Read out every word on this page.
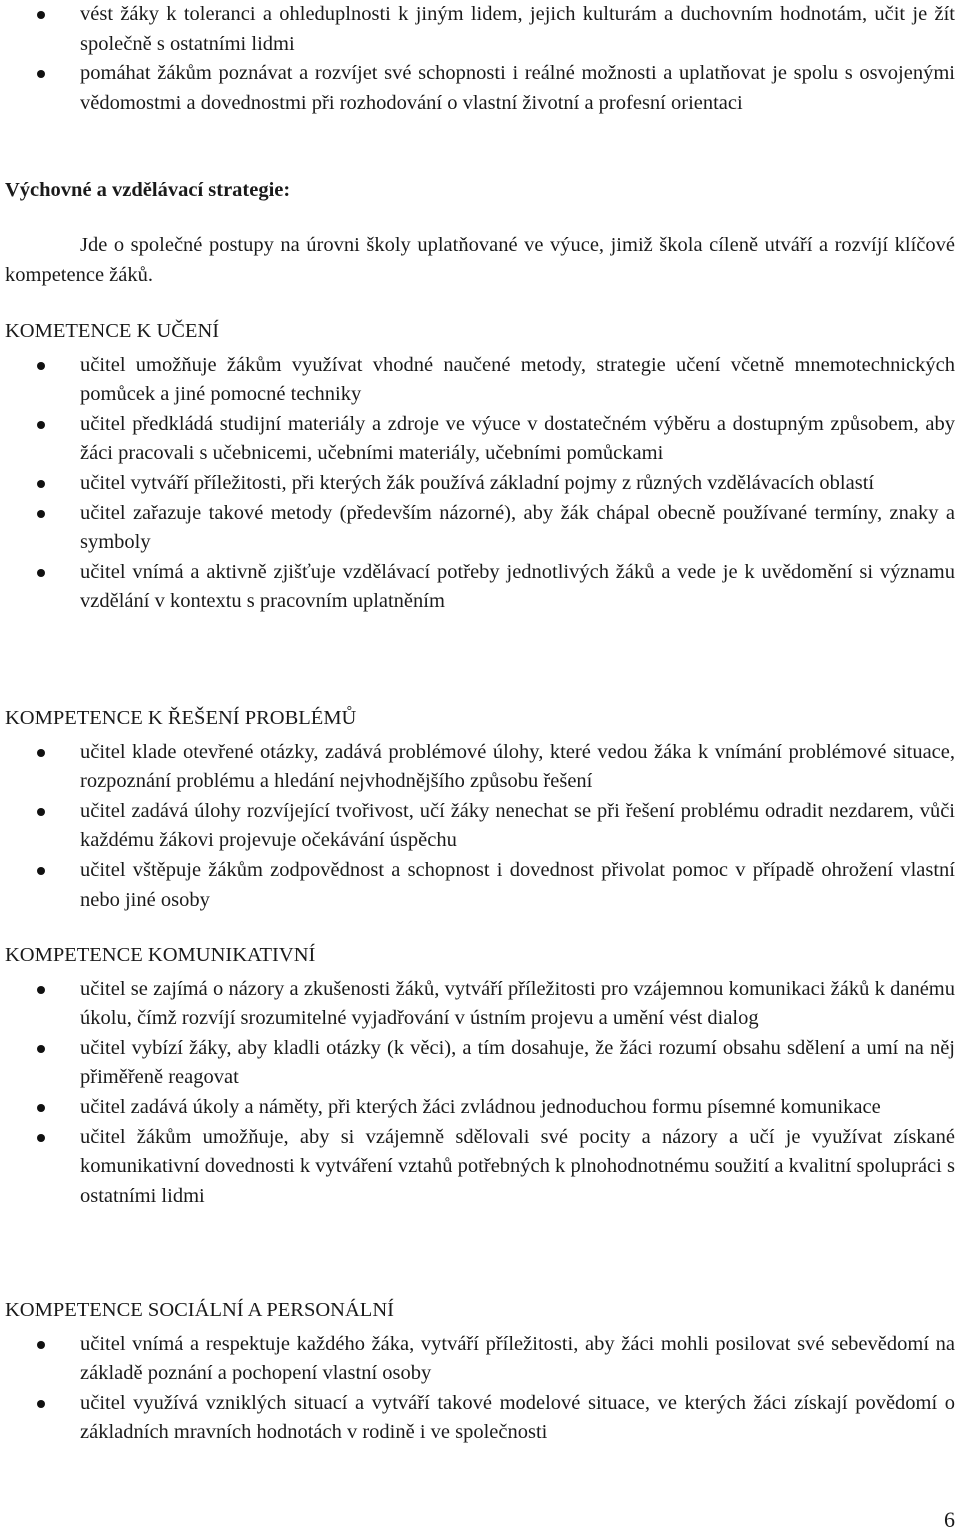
vést žáky k toleranci a ohleduplnosti k jiným lidem, jejich kulturám a duchovním hodnotám, učit je žít společně s ostatními lidmi
pomáhat žákům poznávat a rozvíjet své schopnosti i reálné možnosti a uplatňovat je spolu s osvojenými vědomostmi a dovednostmi při rozhodování o vlastní životní a profesní orientaci

Výchovné a vzdělávací strategie:

Jde o společné postupy na úrovni školy uplatňované ve výuce, jimiž škola cíleně utváří a rozvíjí klíčové kompetence žáků.

KOMETENCE K UČENÍ

učitel umožňuje žákům využívat vhodné naučené metody, strategie učení včetně mnemotechnických pomůcek a jiné pomocné techniky
učitel předkládá studijní materiály a zdroje ve výuce v dostatečném výběru a dostupným způsobem, aby žáci pracovali s učebnicemi, učebními materiály, učebními pomůckami
učitel vytváří příležitosti, při kterých žák používá základní pojmy z různých vzdělávacích oblastí
učitel zařazuje takové metody (především názorné), aby žák chápal obecně používané termíny, znaky a symboly
učitel vnímá a aktivně zjišťuje vzdělávací potřeby jednotlivých žáků a vede je k uvědomění si významu vzdělání v kontextu s pracovním uplatněním

KOMPETENCE K ŘEŠENÍ PROBLÉMŮ

učitel klade otevřené otázky, zadává problémové úlohy, které vedou žáka k vnímání problémové situace, rozpoznání problému a hledání nejvhodnějšího způsobu řešení
učitel zadává úlohy rozvíjející tvořivost, učí žáky nenechat se při řešení problému odradit nezdarem, vůči každému žákovi projevuje očekávání úspěchu
učitel vštěpuje žákům zodpovědnost a schopnost i dovednost přivolat pomoc v případě ohrožení vlastní nebo jiné osoby

KOMPETENCE KOMUNIKATIVNÍ

učitel se zajímá o názory a zkušenosti žáků, vytváří příležitosti pro vzájemnou komunikaci žáků k danému úkolu, čímž rozvíjí srozumitelné vyjadřování v ústním projevu a umění vést dialog
učitel vybízí žáky, aby kladli otázky (k věci), a tím dosahuje, že žáci rozumí obsahu sdělení a umí na něj přiměřeně reagovat
učitel zadává úkoly a náměty, při kterých žáci zvládnou jednoduchou formu písemné komunikace
učitel žákům umožňuje, aby si vzájemně sdělovali své pocity a názory a učí je využívat získané komunikativní dovednosti k vytváření vztahů potřebných k plnohodnotnému soužití a kvalitní spolupráci s ostatními lidmi

KOMPETENCE SOCIÁLNÍ A PERSONÁLNÍ

učitel vnímá a respektuje každého žáka, vytváří příležitosti, aby žáci mohli posilovat své sebevědomí na základě poznání a pochopení vlastní osoby
učitel využívá vzniklých situací a vytváří takové modelové situace, ve kterých žáci získají povědomí o základních mravních hodnotách v rodině i ve společnosti
6
